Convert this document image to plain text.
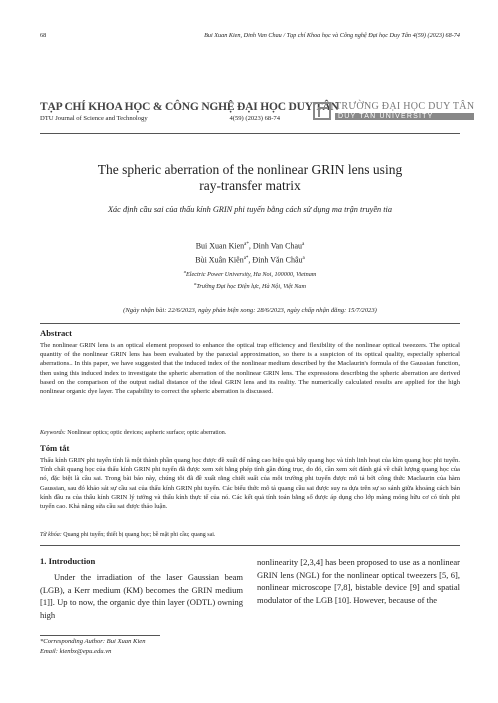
68	Bui Xuan Kien, Dinh Van Chau / Tạp chí Khoa học và Công nghệ Đại học Duy Tân 4(59) (2023) 68-74
TẠP CHÍ KHOA HỌC & CÔNG NGHỆ ĐẠI HỌC DUY TÂN
DTU Journal of Science and Technology	4(59) (2023) 68-74
TRƯỜNG ĐẠI HỌC DUY TÂN
DUY TAN UNIVERSITY
The spheric aberration of the nonlinear GRIN lens using
ray-transfer matrix
Xác định cầu sai của thấu kính GRIN phi tuyến bằng cách sử dụng ma trận truyền tia
Bui Xuan Kien$^{a*}$, Dinh Van Chau$^a$
Bùi Xuân Kiên$^{a*}$, Đinh Văn Châu$^a$
$^a$Electric Power University, Ha Noi, 100000, Vietnam
$^a$Trường Đại học Điện lực, Hà Nội, Việt Nam
(Ngày nhận bài: 22/6/2023, ngày phản biện xong: 28/6/2023, ngày chấp nhận đăng: 15/7/2023)
Abstract
The nonlinear GRIN lens is an optical element proposed to enhance the optical trap efficiency and flexibility of the nonlinear optical tweezers. The optical quantity of the nonlinear GRIN lens has been evaluated by the paraxial approximation, so there is a suspicion of its optical quality, especially spherical aberrations.. In this paper, we have suggested that the induced index of the nonlinear medium described by the Maclaurin's formula of the Gaussian function, then using this induced index to investigate the spheric aberration of the nonlinear GRIN lens. The expressions describing the spheric aberration are derived based on the comparison of the output radial distance of the ideal GRIN lens and its reality. The numerically calculated results are applied for the high nonlinear organic dye layer. The capability to correct the spheric aberration is discussed.
Keywords: Nonlinear optics; optic devices; aspheric surface; optic aberration.
Tóm tắt
Thấu kính GRIN phi tuyến tính là một thành phần quang học được đề xuất để nâng cao hiệu quả bẫy quang học và tính linh hoạt của kìm quang học phi tuyến. Tính chất quang học của thấu kính GRIN phi tuyến đã được xem xét bằng phép tính gần đúng trục, do đó, cần xem xét đánh giá về chất lượng quang học của nó, đặc biệt là cầu sai. Trong bài báo này, chúng tôi đã đề xuất rằng chiết suất của môi trường phi tuyến được mô tả bởi công thức Maclaurin của hàm Gaussian, sau đó khảo sát sự cầu sai của thấu kính GRIN phi tuyến. Các biểu thức mô tả quang cầu sai được suy ra dựa trên sự so sánh giữa khoảng cách bán kính đầu ra của thấu kính GRIN lý tưởng và thấu kính thực tế của nó. Các kết quả tính toán bằng số được áp dụng cho lớp màng mỏng hữu cơ có tính phi tuyến cao. Khả năng sửa cầu sai được thảo luận.
Từ khóa: Quang phi tuyến; thiết bị quang học; bề mặt phi cầu; quang sai.
1. Introduction
Under the irradiation of the laser Gaussian beam (LGB), a Kerr medium (KM) becomes the GRIN medium [1]]. Up to now, the organic dye thin layer (ODTL) owning high
nonlinearity [2,3,4] has been proposed to use as a nonlinear GRIN lens (NGL) for the nonlinear optical tweezers [5, 6], nonlinear microscope [7,8], bistable device [9] and spatial modulator of the LGB [10]. However, because of the
*Corresponding Author: Bui Xuan Kien
Email: kienbx@epu.edu.vn
